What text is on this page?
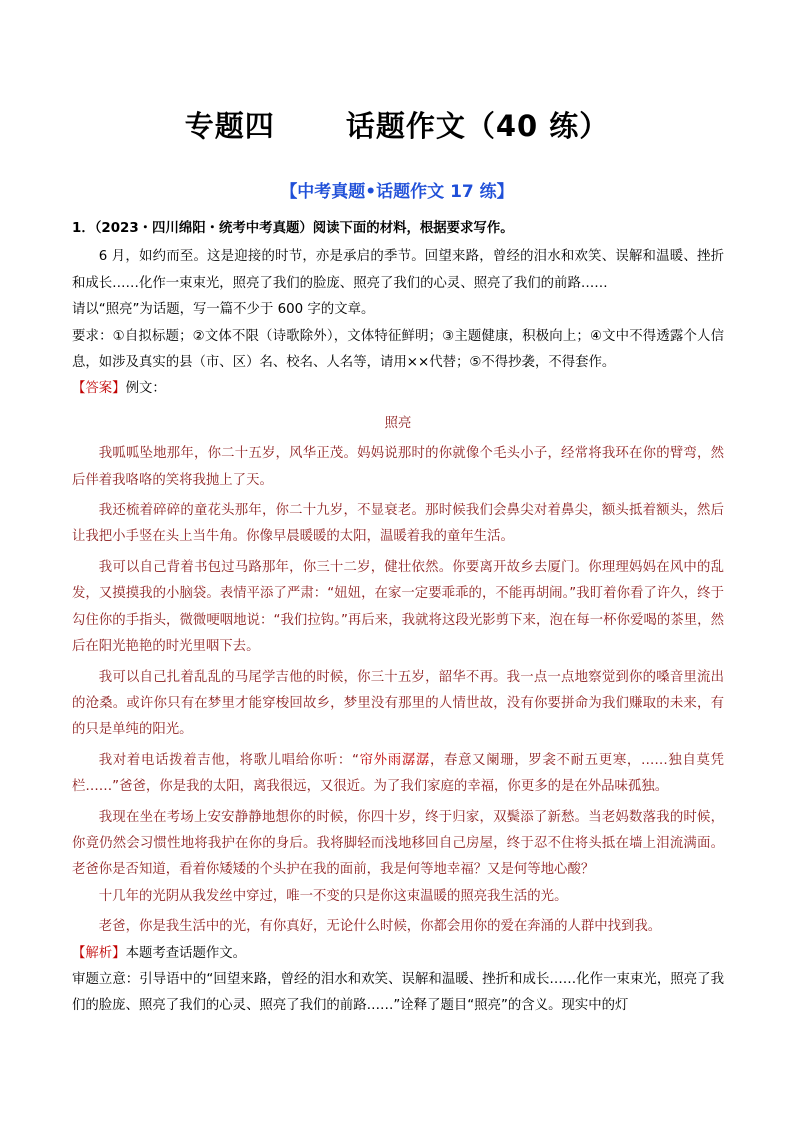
专题四　　 话题作文（40 练）
【中考真题•话题作文 17 练】

1．（2023・四川绵阳・统考中考真题）阅读下面的材料，根据要求写作。

6 月，如约而至。这是迎接的时节，亦是承启的季节。回望来路，曾经的泪水和欢笑、误解和温暖、挫折和成长……化作一束束光，照亮了我们的脸庞、照亮了我们的心灵、照亮了我们的前路……

请以“照亮”为话题，写一篇不少于 600 字的文章。

要求：①自拟标题；②文体不限（诗歌除外），文体特征鲜明；③主题健康，积极向上；④文中不得透露个人信息，如涉及真实的县（市、区）名、校名、人名等，请用××代替；⑤不得抄袭，不得套作。

【答案】例文：

照亮

我呱呱坠地那年，你二十五岁，风华正茂。妈妈说那时的你就像个毛头小子，经常将我环在你的臂弯，然后伴着我咯咯的笑将我抛上了天。

我还梳着碎碎的童花头那年，你二十九岁，不显衰老。那时候我们会鼻尖对着鼻尖，额头抵着额头，然后让我把小手竖在头上当牛角。你像早晨暖暖的太阳，温暖着我的童年生活。

我可以自己背着书包过马路那年，你三十二岁，健壮依然。你要离开故乡去厦门。你理理妈妈在风中的乱发，又摸摸我的小脑袋。表情平添了严肃：“妞妞，在家一定要乖乖的，不能再胡闹。”我盯着你看了许久，终于勾住你的手指头，微微哽咽地说：“我们拉钩。”再后来，我就将这段光影剪下来，泡在每一杯你爱喝的茶里，然后在阳光艳艳的时光里咽下去。

我可以自己扎着乱乱的马尾学吉他的时候，你三十五岁，韶华不再。我一点一点地察觉到你的嗓音里流出的沧桑。或许你只有在梦里才能穿梭回故乡，梦里没有那里的人情世故，没有你要拼命为我们赚取的未来，有的只是单纯的阳光。

我对着电话拨着吉他，将歌儿唱给你听：“帘外雨潺潺，春意又阑珊，罗衾不耐五更寒，……独自莫凭栏……”爸爸，你是我的太阳，离我很远，又很近。为了我们家庭的幸福，你更多的是在外品味孤独。

我现在坐在考场上安安静静地想你的时候，你四十岁，终于归家，双鬓添了新愁。当老妈数落我的时候，你竟仍然会习惯性地将我护在你的身后。我将脚轻而浅地移回自己房屋，终于忍不住将头抵在墙上泪流满面。老爸你是否知道，看着你矮矮的个头护在我的面前，我是何等地幸福？又是何等地心酸？

十几年的光阴从我发丝中穿过，唯一不变的只是你这束温暖的照亮我生活的光。

老爸，你是我生活中的光，有你真好，无论什么时候，你都会用你的爱在奔涌的人群中找到我。

【解析】本题考查话题作文。

审题立意：引导语中的“回望来路，曾经的泪水和欢笑、误解和温暖、挫折和成长……化作一束束光，照亮了我们的脸庞、照亮了我们的心灵、照亮了我们的前路……”诠释了题目“照亮”的含义。现实中的灯
